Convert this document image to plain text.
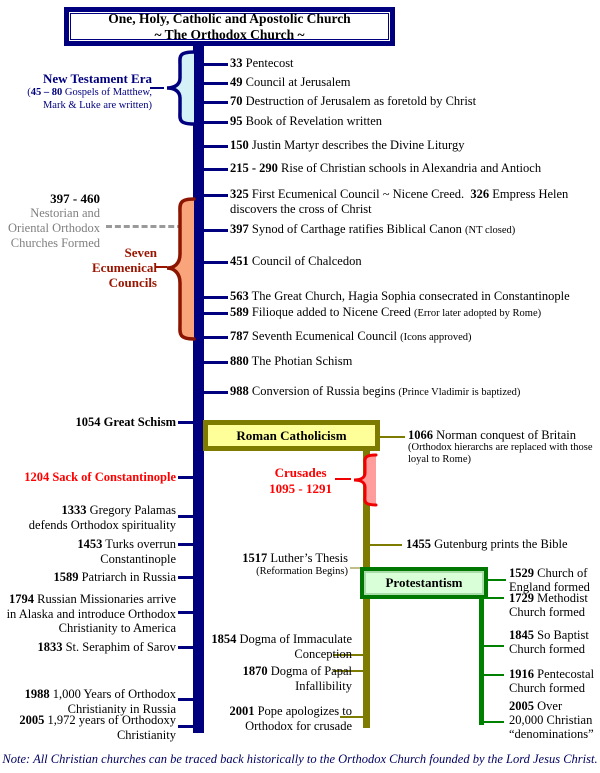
One, Holy, Catholic and Apostolic Church
~ The Orthodox Church ~
New Testament Era
(45 – 80 Gospels of Matthew,
Mark & Luke are written)
397 - 460
Nestorian and
Oriental Orthodox
Churches Formed
Seven
Ecumenical
Councils
33 Pentecost
49 Council at Jerusalem
70 Destruction of Jerusalem as foretold by Christ
95 Book of Revelation written
150 Justin Martyr describes the Divine Liturgy
215 - 290 Rise of Christian schools in Alexandria and Antioch
325 First Ecumenical Council ~ Nicene Creed. 326 Empress Helen discovers the cross of Christ
397 Synod of Carthage ratifies Biblical Canon (NT closed)
451 Council of Chalcedon
563 The Great Church, Hagia Sophia consecrated in Constantinople
589 Filioque added to Nicene Creed (Error later adopted by Rome)
787 Seventh Ecumenical Council (Icons approved)
880 The Photian Schism
988 Conversion of Russia begins (Prince Vladimir is baptized)
1054 Great Schism
1204 Sack of Constantinople
1333 Gregory Palamas
defends Orthodox spirituality
1453 Turks overrun
Constantinople
1589 Patriarch in Russia
1794 Russian Missionaries arrive
in Alaska and introduce Orthodox
Christianity to America
1833 St. Seraphim of Sarov
1988 1,000 Years of Orthodox
Christianity in Russia
2005 1,972 years of Orthodoxy
Christianity
Roman Catholicism	1066 Norman conquest of Britain
(Orthodox hierarchs are replaced with those loyal to Rome)
Crusades
1095 - 1291
1455 Gutenburg prints the Bible
1517 Luther’s Thesis
(Reformation Begins)
1854 Dogma of Immaculate
Conception
1870 Dogma of Papal
Infallibility
2001 Pope apologizes to
Orthodox for crusade
Protestantism
1529 Church of
England formed
1729 Methodist
Church formed
1845 So Baptist
Church formed
1916 Pentecostal
Church formed
2005 Over
20,000 Christian
“denominations”
Note: All Christian churches can be traced back historically to the Orthodox Church founded by the Lord Jesus Christ.
